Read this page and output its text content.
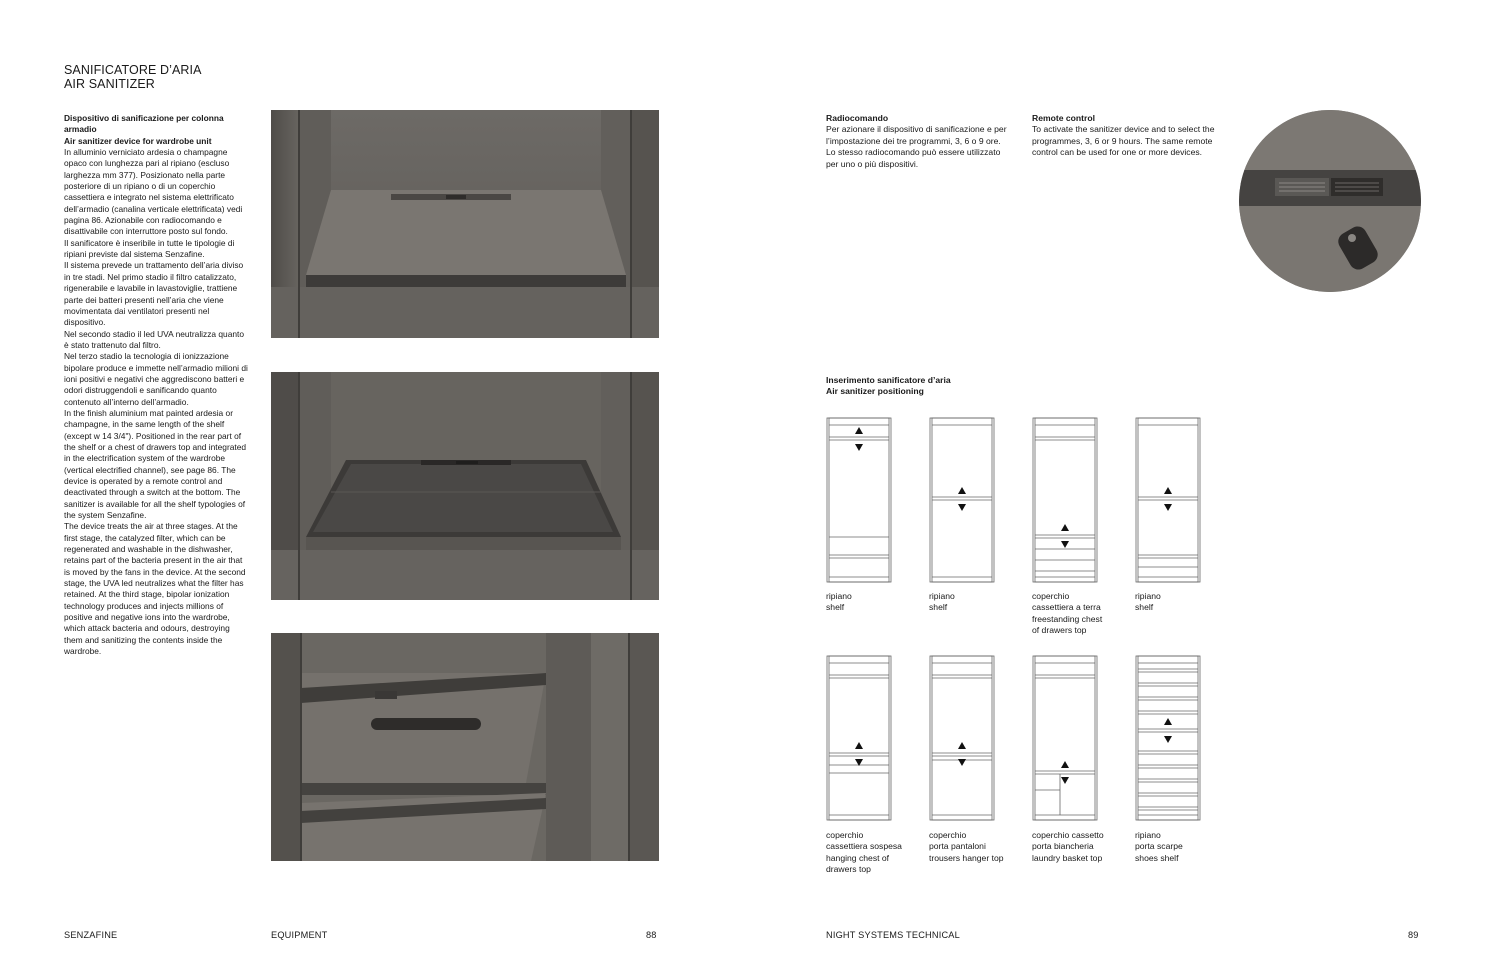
SANIFICATORE D’ARIA
AIR SANITIZER

Dispositivo di sanificazione per colonna armadio

Air sanitizer device for wardrobe unit

In alluminio verniciato ardesia o champagne opaco con lunghezza pari al ripiano (escluso larghezza mm 377). Posizionato nella parte posteriore di un ripiano o di un coperchio cassettiera e integrato nel sistema elettrificato dell’armadio (canalina verticale elettrificata) vedi pagina 86. Azionabile con radiocomando e disattivabile con interruttore posto sul fondo.

Il sanificatore è inseribile in tutte le tipologie di ripiani previste dal sistema Senzafine.

Il sistema prevede un trattamento dell’aria diviso in tre stadi. Nel primo stadio il filtro catalizzato, rigenerabile e lavabile in lavastoviglie, trattiene parte dei batteri presenti nell’aria che viene movimentata dai ventilatori presenti nel dispositivo.

Nel secondo stadio il led UVA neutralizza quanto è stato trattenuto dal filtro.

Nel terzo stadio la tecnologia di ionizzazione bipolare produce e immette nell’armadio milioni di ioni positivi e negativi che aggrediscono batteri e odori distruggendoli e sanificando quanto contenuto all’interno dell’armadio.

In the finish aluminium mat painted ardesia or champagne, in the same length of the shelf (except w 14 3/4"). Positioned in the rear part of the shelf or a chest of drawers top and integrated in the electrification system of the wardrobe (vertical electrified channel), see page 86. The device is operated by a remote control and deactivated through a switch at the bottom. The sanitizer is available for all the shelf typologies of the system Senzafine.

The device treats the air at three stages. At the first stage, the catalyzed filter, which can be regenerated and washable in the dishwasher, retains part of the bacteria present in the air that is moved by the fans in the device. At the second stage, the UVA led neutralizes what the filter has retained. At the third stage, bipolar ionization technology produces and injects millions of positive and negative ions into the wardrobe, which attack bacteria and odours, destroying them and sanitizing the contents inside the wardrobe.

Radiocomando
Per azionare il dispositivo di sanificazione e per l’impostazione dei tre programmi, 3, 6 o 9 ore. Lo stesso radiocomando può essere utilizzato per uno o più dispositivi.
Remote control
To activate the sanitizer device and to select the programmes, 3, 6 or 9 hours. The same remote control can be used for one or more devices.
Inserimento sanificatore d’aria
Air sanitizer positioning
ripiano
shelf
ripiano
shelf
coperchio
cassettiera a terra
freestanding chest
of drawers top
ripiano
shelf
coperchio
cassettiera sospesa
hanging chest of
drawers top
coperchio
porta pantaloni
trousers hanger top
coperchio cassetto
porta biancheria
laundry basket top
ripiano
porta scarpe
shoes shelf
SENZAFINE	EQUIPMENT	88	NIGHT SYSTEMS TECHNICAL	89
